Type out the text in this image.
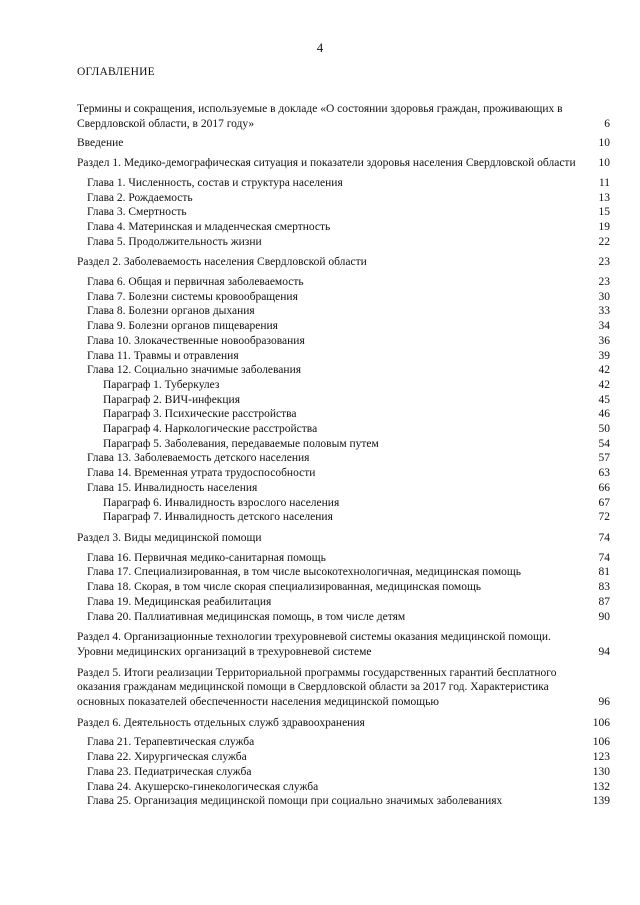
4
ОГЛАВЛЕНИЕ
Термины и сокращения, используемые в докладе «О состоянии здоровья граждан, проживающих в Свердловской области, в 2017 году»	6
Введение	10
Раздел 1. Медико-демографическая ситуация и показатели здоровья населения Свердловской области	10
Глава 1. Численность, состав и структура населения	11
Глава 2. Рождаемость	13
Глава 3. Смертность	15
Глава 4. Материнская и младенческая смертность	19
Глава 5. Продолжительность жизни	22
Раздел 2. Заболеваемость населения Свердловской области	23
Глава 6. Общая и первичная заболеваемость	23
Глава 7. Болезни системы кровообращения	30
Глава 8. Болезни органов дыхания	33
Глава 9. Болезни органов пищеварения	34
Глава 10. Злокачественные новообразования	36
Глава 11. Травмы и отравления	39
Глава 12. Социально значимые заболевания	42
Параграф 1. Туберкулез	42
Параграф 2. ВИЧ-инфекция	45
Параграф 3. Психические расстройства	46
Параграф 4. Наркологические расстройства	50
Параграф 5. Заболевания, передаваемые половым путем	54
Глава 13. Заболеваемость детского населения	57
Глава 14. Временная утрата трудоспособности	63
Глава 15. Инвалидность населения	66
Параграф 6. Инвалидность взрослого населения	67
Параграф 7. Инвалидность детского населения	72
Раздел 3. Виды медицинской помощи	74
Глава 16. Первичная медико-санитарная помощь	74
Глава 17. Специализированная, в том числе высокотехнологичная, медицинская помощь	81
Глава 18. Скорая, в том числе скорая специализированная, медицинская помощь	83
Глава 19. Медицинская реабилитация	87
Глава 20. Паллиативная медицинская помощь, в том числе детям	90
Раздел 4. Организационные технологии трехуровневой системы оказания медицинской помощи. Уровни медицинских организаций в трехуровневой системе	94
Раздел 5. Итоги реализации Территориальной программы государственных гарантий бесплатного оказания гражданам медицинской помощи в Свердловской области за 2017 год. Характеристика основных показателей обеспеченности населения медицинской помощью	96
Раздел 6. Деятельность отдельных служб здравоохранения	106
Глава 21. Терапевтическая служба	106
Глава 22. Хирургическая служба	123
Глава 23. Педиатрическая служба	130
Глава 24. Акушерско-гинекологическая служба	132
Глава 25. Организация медицинской помощи при социально значимых заболеваниях	139
